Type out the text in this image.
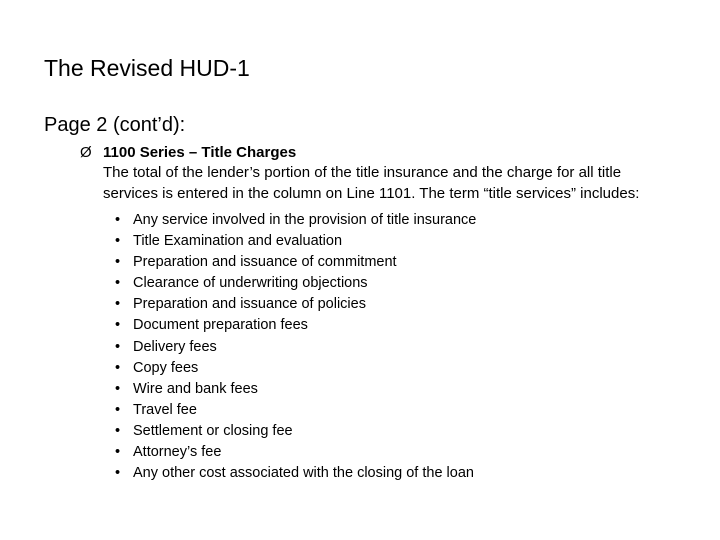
The Revised HUD-1
Page 2 (cont’d):
Ø 1100 Series – Title Charges
The total of the lender’s portion of the title insurance and the charge for all title services is entered in the column on Line 1101. The term “title services” includes:
• Any service involved in the provision of title insurance
• Title Examination and evaluation
• Preparation and issuance of commitment
• Clearance of underwriting objections
• Preparation and issuance of policies
• Document preparation fees
• Delivery fees
• Copy fees
• Wire and bank fees
• Travel fee
• Settlement or closing fee
• Attorney’s fee
• Any other cost associated with the closing of the loan
